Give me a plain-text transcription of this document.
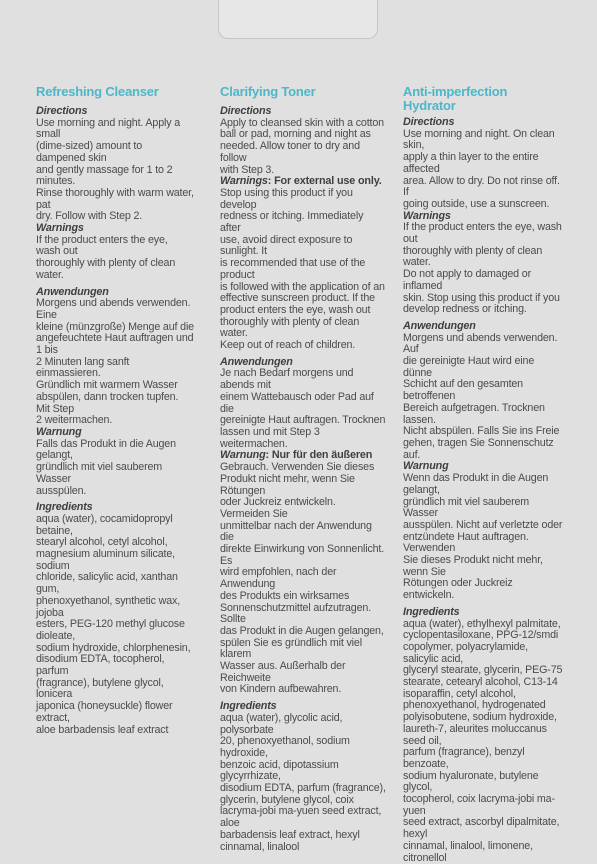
Refreshing Cleanser
Directions

Use morning and night. Apply a small
(dime-sized) amount to dampened skin
and gently massage for 1 to 2 minutes.
Rinse thoroughly with warm water, pat
dry. Follow with Step 2.

Warnings

If the product enters the eye, wash out
thoroughly with plenty of clean water.

Anwendungen

Morgens und abends verwenden. Eine
kleine (münzgroße) Menge auf die
angefeuchtete Haut auftragen und 1 bis
2 Minuten lang sanft einmassieren.
Gründlich mit warmem Wasser
abspülen, dann trocken tupfen. Mit Step
2 weitermachen.

Warnung

Falls das Produkt in die Augen gelangt,
gründlich mit viel sauberem Wasser
ausspülen.

Ingredients

aqua (water), cocamidopropyl betaine,
stearyl alcohol, cetyl alcohol,
magnesium aluminum silicate, sodium
chloride, salicylic acid, xanthan gum,
phenoxyethanol, synthetic wax, jojoba
esters, PEG-120 methyl glucose dioleate,
sodium hydroxide, chlorphenesin,
disodium EDTA, tocopherol, parfum
(fragrance), butylene glycol, lonicera
japonica (honeysuckle) flower extract,
aloe barbadensis leaf extract

Clarifying Toner
Directions

Apply to cleansed skin with a cotton
ball or pad, morning and night as
needed. Allow toner to dry and follow
with Step 3.

Warnings: For external use only.

Stop using this product if you develop
redness or itching. Immediately after
use, avoid direct exposure to sunlight. It
is recommended that use of the product
is followed with the application of an
effective sunscreen product. If the
product enters the eye, wash out
thoroughly with plenty of clean water.
Keep out of reach of children.

Anwendungen

Je nach Bedarf morgens und abends mit
einem Wattebausch oder Pad auf die
gereinigte Haut auftragen. Trocknen
lassen und mit Step 3 weitermachen.

Warnung: Nur für den äußeren

Gebrauch. Verwenden Sie dieses
Produkt nicht mehr, wenn Sie Rötungen
oder Juckreiz entwickeln. Vermeiden Sie
unmittelbar nach der Anwendung die
direkte Einwirkung von Sonnenlicht. Es
wird empfohlen, nach der Anwendung
des Produkts ein wirksames
Sonnenschutzmittel aufzutragen. Sollte
das Produkt in die Augen gelangen,
spülen Sie es gründlich mit viel klarem
Wasser aus. Außerhalb der Reichweite
von Kindern aufbewahren.

Ingredients

aqua (water), glycolic acid, polysorbate
20, phenoxyethanol, sodium hydroxide,
benzoic acid, dipotassium glycyrrhizate,
disodium EDTA, parfum (fragrance),
glycerin, butylene glycol, coix
lacryma-jobi ma-yuen seed extract, aloe
barbadensis leaf extract, hexyl
cinnamal, linalool

Anti-imperfection
Hydrator
Directions

Use morning and night. On clean skin,
apply a thin layer to the entire affected
area. Allow to dry. Do not rinse off. If
going outside, use a sunscreen.

Warnings

If the product enters the eye, wash out
thoroughly with plenty of clean water.
Do not apply to damaged or inflamed
skin. Stop using this product if you
develop redness or itching.

Anwendungen

Morgens und abends verwenden. Auf
die gereinigte Haut wird eine dünne
Schicht auf den gesamten betroffenen
Bereich aufgetragen. Trocknen lassen.
Nicht abspülen. Falls Sie ins Freie
gehen, tragen Sie Sonnenschutz auf.

Warnung

Wenn das Produkt in die Augen gelangt,
gründlich mit viel sauberem Wasser
ausspülen. Nicht auf verletzte oder
entzündete Haut auftragen. Verwenden
Sie dieses Produkt nicht mehr, wenn Sie
Rötungen oder Juckreiz entwickeln.

Ingredients

aqua (water), ethylhexyl palmitate,
cyclopentasiloxane, PPG-12/smdi
copolymer, polyacrylamide, salicylic acid,
glyceryl stearate, glycerin, PEG-75
stearate, cetearyl alcohol, C13-14
isoparaffin, cetyl alcohol,
phenoxyethanol, hydrogenated
polyisobutene, sodium hydroxide,
laureth-7, aleurites moluccanus seed oil,
parfum (fragrance), benzyl benzoate,
sodium hyaluronate, butylene glycol,
tocopherol, coix lacryma-jobi ma-yuen
seed extract, ascorbyl dipalmitate, hexyl
cinnamal, linalool, limonene, citronellol
